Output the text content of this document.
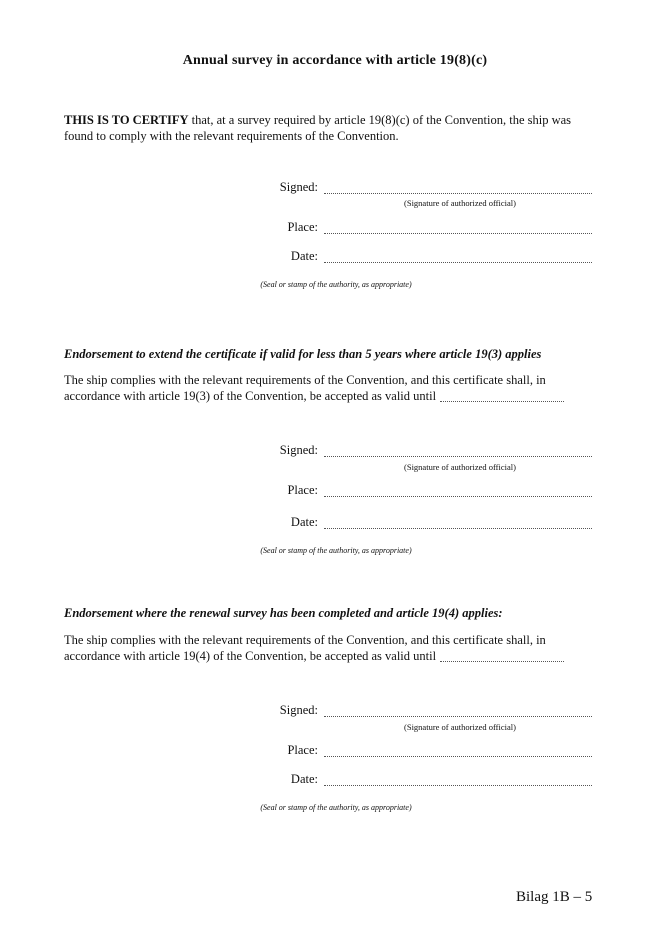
Annual survey in accordance with article 19(8)(c)
THIS IS TO CERTIFY that, at a survey required by article 19(8)(c) of the Convention, the ship was found to comply with the relevant requirements of the Convention.
Signed:
(Signature of authorized official)
Place:
Date:
(Seal or stamp of the authority, as appropriate)
Endorsement to extend the certificate if valid for less than 5 years where article 19(3) applies
The ship complies with the relevant requirements of the Convention, and this certificate shall, in accordance with article 19(3) of the Convention, be accepted as valid until
Signed:
(Signature of authorized official)
Place:
Date:
(Seal or stamp of the authority, as appropriate)
Endorsement where the renewal survey has been completed and article 19(4) applies:
The ship complies with the relevant requirements of the Convention, and this certificate shall, in accordance with article 19(4) of the Convention, be accepted as valid until
Signed:
(Signature of authorized official)
Place:
Date:
(Seal or stamp of the authority, as appropriate)
Bilag 1B – 5
